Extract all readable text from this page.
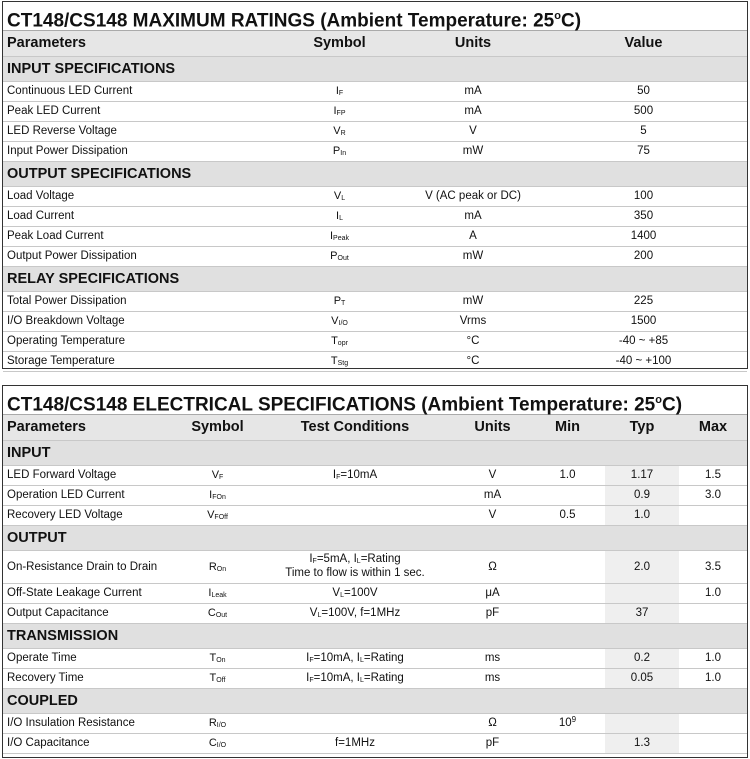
CT148/CS148 MAXIMUM RATINGS (Ambient Temperature: 25$^o$C)
Parameters	Symbol	Units	Value
INPUT SPECIFICATIONS			
Continuous LED Current	$I_F$	mA	50
Peak LED Current	$I_{FP}$	mA	500
LED Reverse Voltage	$V_R$	V	5
Input Power Dissipation	$P_{In}$	mW	75
OUTPUT SPECIFICATIONS			
Load Voltage	$V_L$	V (AC peak or DC)	100
Load Current	$I_L$	mA	350
Peak Load Current	$I_{Peak}$	A	1400
Output Power Dissipation	$P_{Out}$	mW	200
RELAY SPECIFICATIONS			
Total Power Dissipation	$P_T$	mW	225
I/O Breakdown Voltage	$V_{I/O}$	Vrms	1500
Operating Temperature	$T_{opr}$	°C	-40 ~ +85
Storage Temperature	$T_{Stg}$	°C	-40 ~ +100
CT148/CS148 ELECTRICAL SPECIFICATIONS (Ambient Temperature: 25$^o$C)
Parameters	Symbol	Test Conditions	Units	Min	Typ	Max
INPUT						
LED Forward Voltage	$V_F$	$I_F=10mA$	V	1.0	1.17	1.5
Operation LED Current	$I_{FOn}$		mA		0.9	3.0
Recovery LED Voltage	$V_{FOff}$		V	0.5	1.0	
OUTPUT						
On-Resistance Drain to Drain	$R_{On}$	$I_F=5mA$, $I_L=Rating$
Time to flow is within 1 sec.	Ω		2.0	3.5
Off-State Leakage Current	$I_{Leak}$	$V_L=100V$	μA			1.0
Output Capacitance	$C_{Out}$	$V_L=100V$, f=1MHz	pF		37	
TRANSMISSION						
Operate Time	$T_{On}$	$I_F=10mA$, $I_L=Rating$	ms		0.2	1.0
Recovery Time	$T_{Off}$	$I_F=10mA$, $I_L=Rating$	ms		0.05	1.0
COUPLED						
I/O Insulation Resistance	$R_{I/O}$		Ω	$10^9$		
I/O Capacitance	$C_{I/O}$	f=1MHz	pF		1.3	
